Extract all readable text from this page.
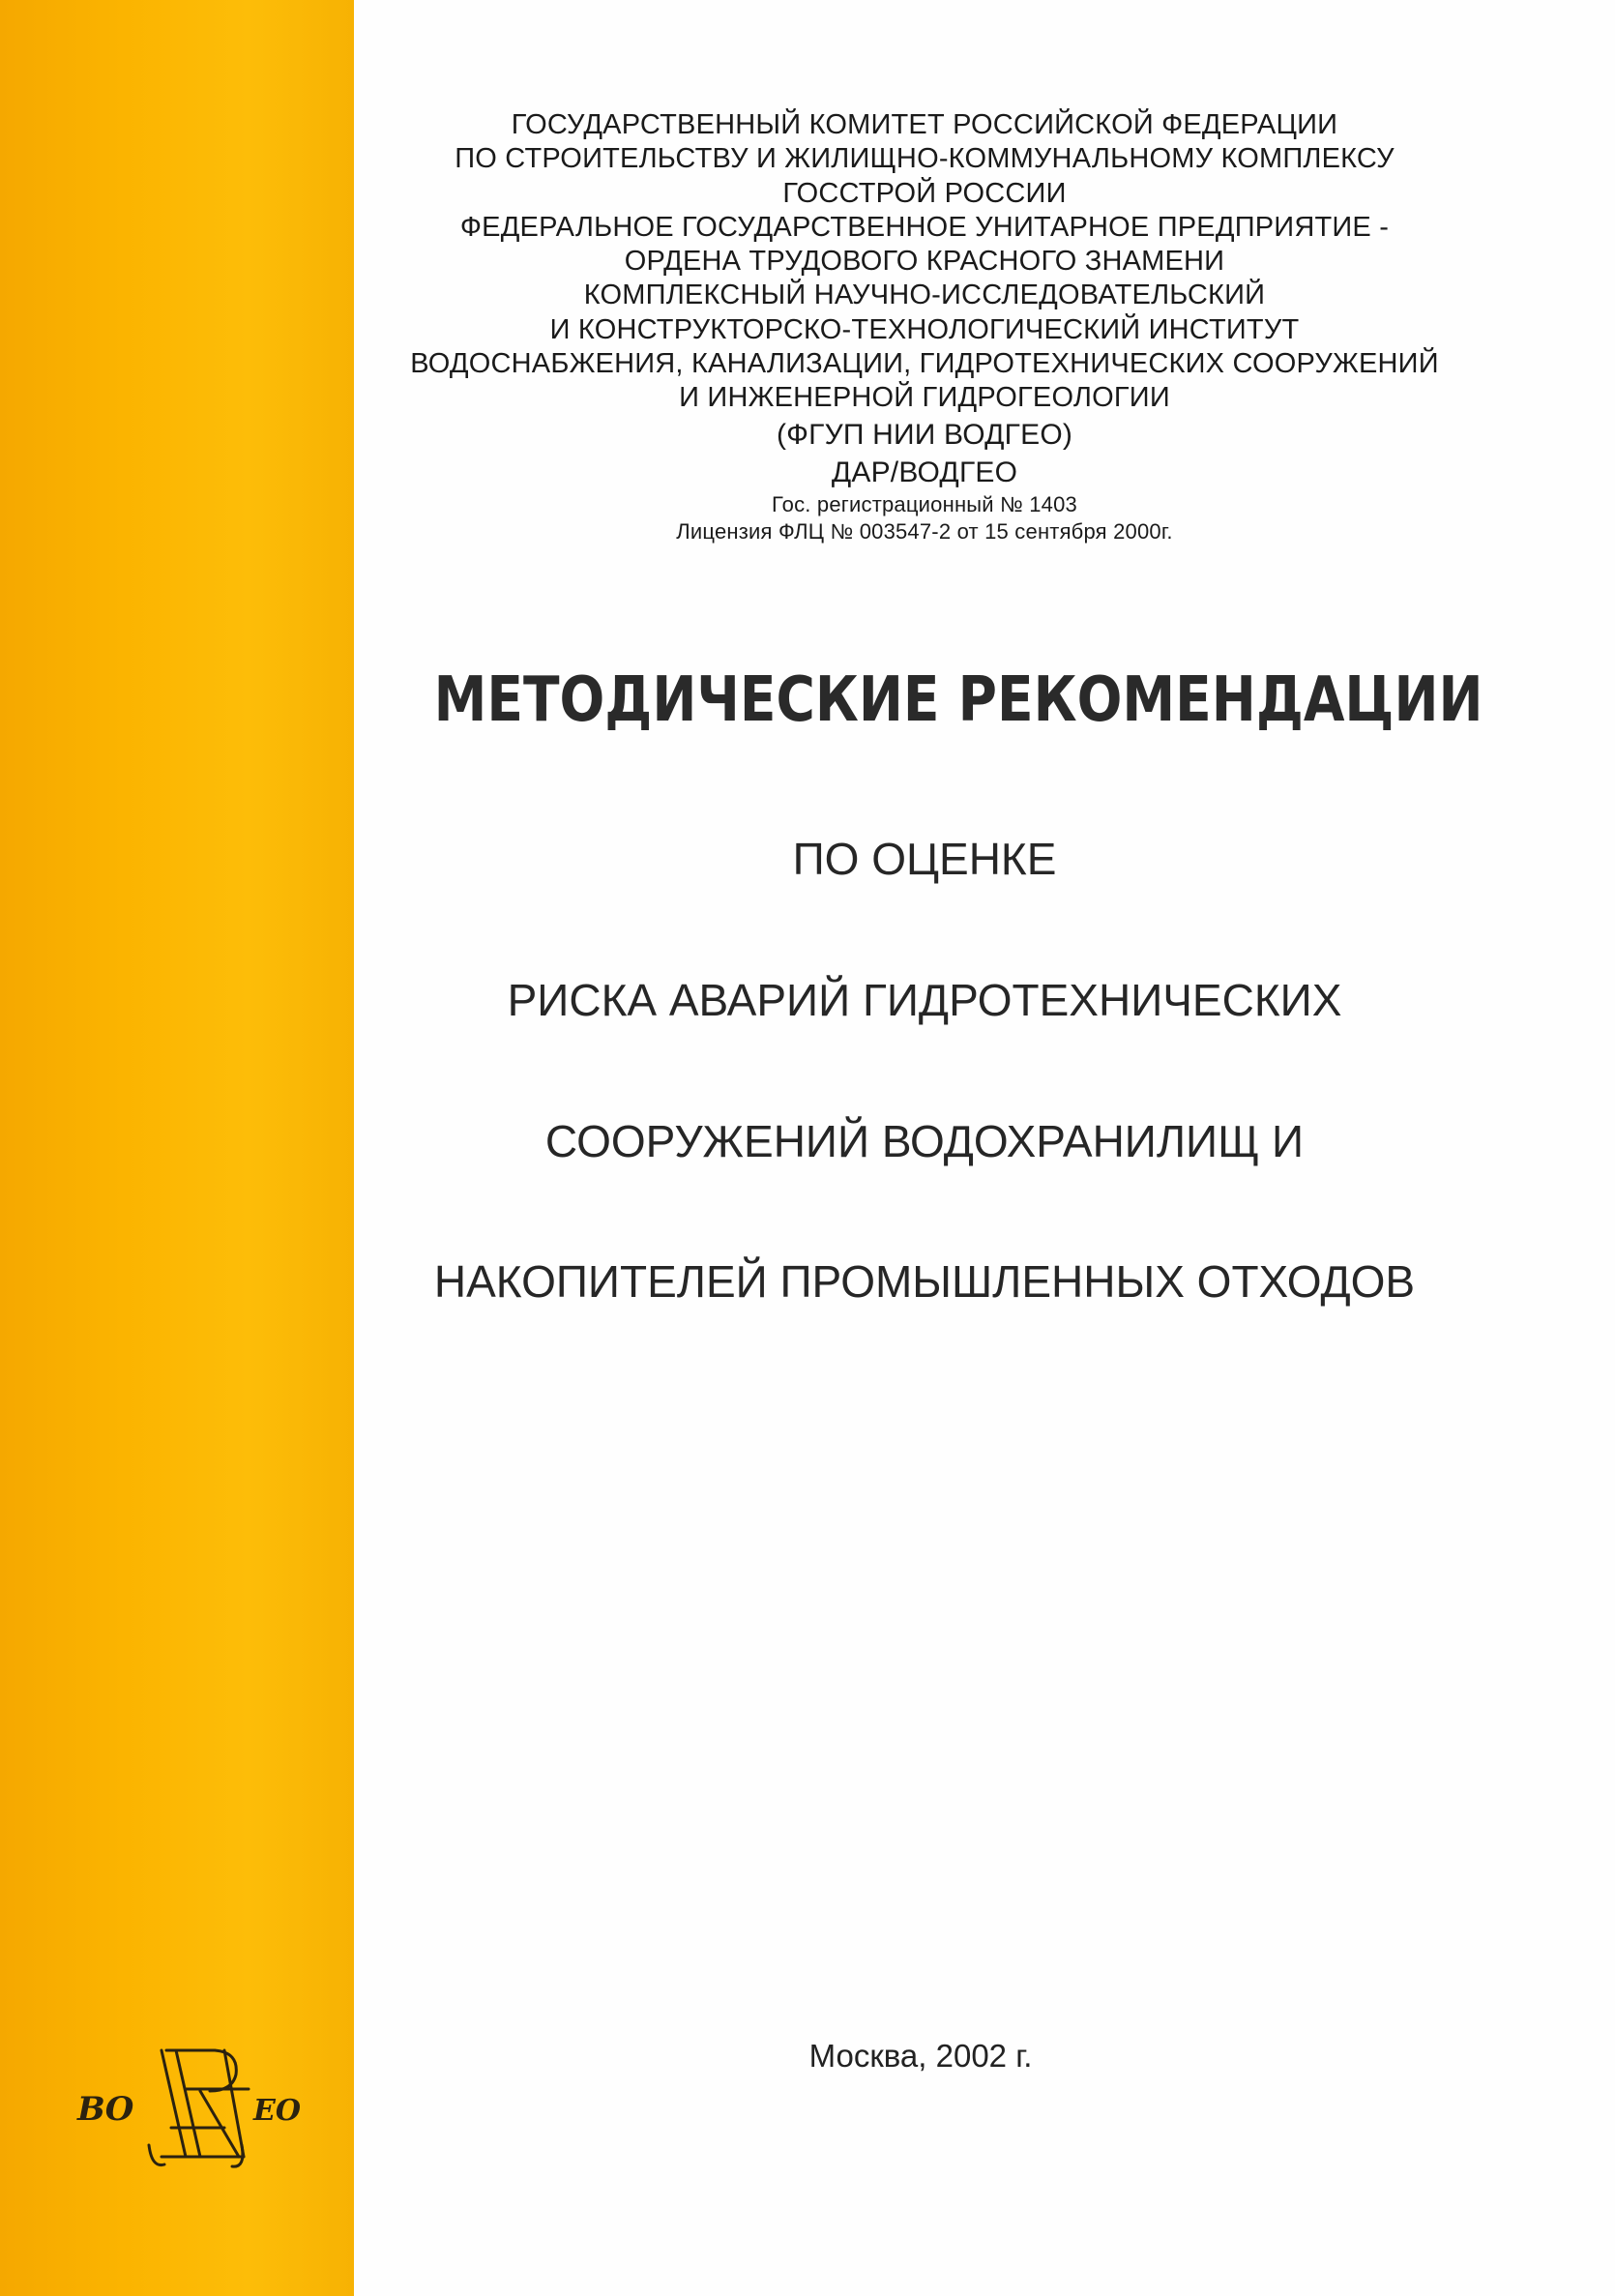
ГОСУДАРСТВЕННЫЙ КОМИТЕТ РОССИЙСКОЙ ФЕДЕРАЦИИ
ПО СТРОИТЕЛЬСТВУ И ЖИЛИЩНО-КОММУНАЛЬНОМУ КОМПЛЕКСУ
ГОССТРОЙ РОССИИ
ФЕДЕРАЛЬНОЕ ГОСУДАРСТВЕННОЕ УНИТАРНОЕ ПРЕДПРИЯТИЕ -
ОРДЕНА ТРУДОВОГО КРАСНОГО ЗНАМЕНИ
КОМПЛЕКСНЫЙ НАУЧНО-ИССЛЕДОВАТЕЛЬСКИЙ
И КОНСТРУКТОРСКО-ТЕХНОЛОГИЧЕСКИЙ ИНСТИТУТ
ВОДОСНАБЖЕНИЯ, КАНАЛИЗАЦИИ, ГИДРОТЕХНИЧЕСКИХ СООРУЖЕНИЙ
И ИНЖЕНЕРНОЙ ГИДРОГЕОЛОГИИ
(ФГУП НИИ ВОДГЕО)
ДАР/ВОДГЕО
Гос. регистрационный № 1403
Лицензия ФЛЦ № 003547-2 от 15 сентября 2000г.
МЕТОДИЧЕСКИЕ РЕКОМЕНДАЦИИ
ПО ОЦЕНКЕ
РИСКА АВАРИЙ ГИДРОТЕХНИЧЕСКИХ
СООРУЖЕНИЙ ВОДОХРАНИЛИЩ И
НАКОПИТЕЛЕЙ ПРОМЫШЛЕННЫХ ОТХОДОВ
Москва, 2002 г.
ВО	ЕО
